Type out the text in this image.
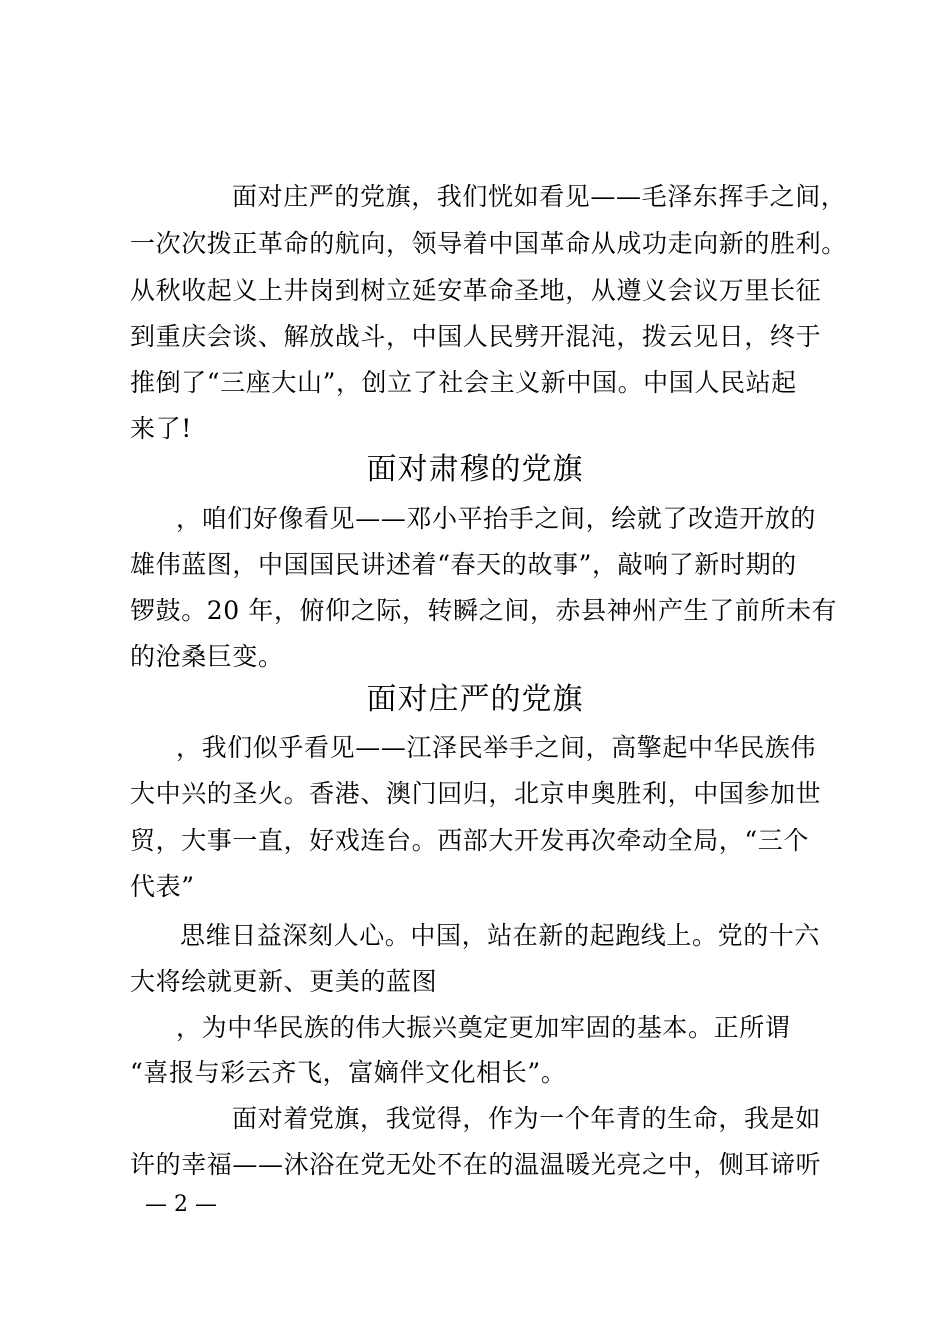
面对庄严的党旗，我们恍如看见——毛泽东挥手之间，
一次次拨正革命的航向，领导着中国革命从成功走向新的胜利。
从秋收起义上井岗到树立延安革命圣地，从遵义会议万里长征
到重庆会谈、解放战斗，中国人民劈开混沌，拨云见日，终于
推倒了“三座大山”，创立了社会主义新中国。中国人民站起
来了!
面对肃穆的党旗
，咱们好像看见——邓小平抬手之间，绘就了改造开放的
雄伟蓝图，中国国民讲述着“春天的故事”，敲响了新时期的
锣鼓。20 年，俯仰之际，转瞬之间，赤县神州产生了前所未有
的沧桑巨变。
面对庄严的党旗
，我们似乎看见——江泽民举手之间，高擎起中华民族伟
大中兴的圣火。香港、澳门回归，北京申奥胜利，中国参加世
贸，大事一直，好戏连台。西部大开发再次牵动全局，“三个
代表”
思维日益深刻人心。中国，站在新的起跑线上。党的十六
大将绘就更新、更美的蓝图
，为中华民族的伟大振兴奠定更加牢固的基本。正所谓
“喜报与彩云齐飞，富嫡伴文化相长”。
面对着党旗，我觉得，作为一个年青的生命，我是如
许的幸福——沐浴在党无处不在的温温暖光亮之中，侧耳谛听
— 2 —
